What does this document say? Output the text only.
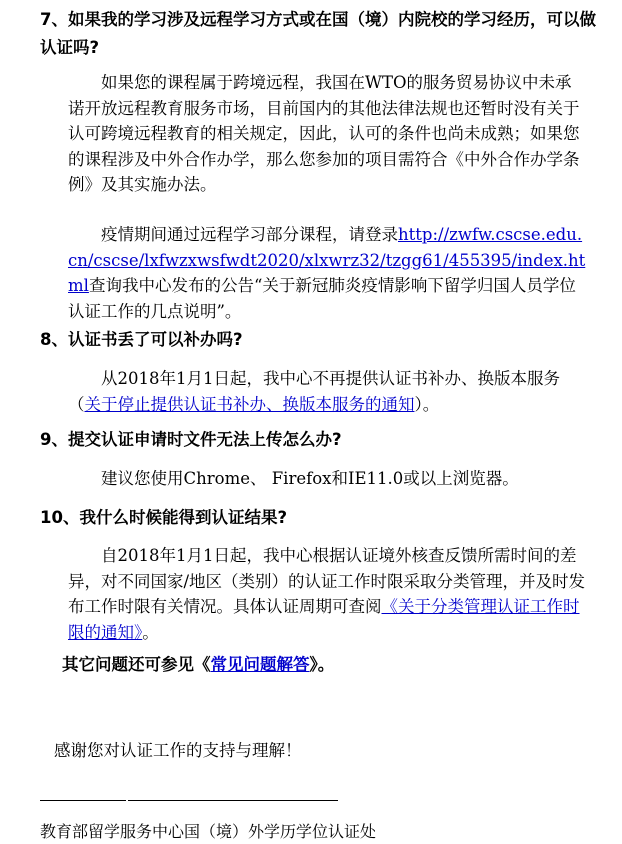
7、如果我的学习涉及远程学习方式或在国（境）内院校的学习经历，可以做认证吗?

如果您的课程属于跨境远程，我国在WTO的服务贸易协议中未承诺开放远程教育服务市场，目前国内的其他法律法规也还暂时没有关于认可跨境远程教育的相关规定，因此，认可的条件也尚未成熟；如果您的课程涉及中外合作办学，那么您参加的项目需符合《中外合作办学条例》及其实施办法。

疫情期间通过远程学习部分课程，请登录http://zwfw.cscse.edu.cn/cscse/lxfwzxwsfwdt2020/xlxwrz32/tzgg61/455395/index.html查询我中心发布的公告“关于新冠肺炎疫情影响下留学归国人员学位认证工作的几点说明”。

8、认证书丢了可以补办吗?

从2018年1月1日起，我中心不再提供认证书补办、换版本服务（关于停止提供认证书补办、换版本服务的通知）。

9、提交认证申请时文件无法上传怎么办?

建议您使用Chrome、 Firefox和IE11.0或以上浏览器。

10、我什么时候能得到认证结果?

自2018年1月1日起，我中心根据认证境外核查反馈所需时间的差异，对不同国家/地区（类别）的认证工作时限采取分类管理，并及时发布工作时限有关情况。具体认证周期可查阅《关于分类管理认证工作时限的通知》。

其它问题还可参见《常见问题解答》。

感谢您对认证工作的支持与理解！

教育部留学服务中心国（境）外学历学位认证处
